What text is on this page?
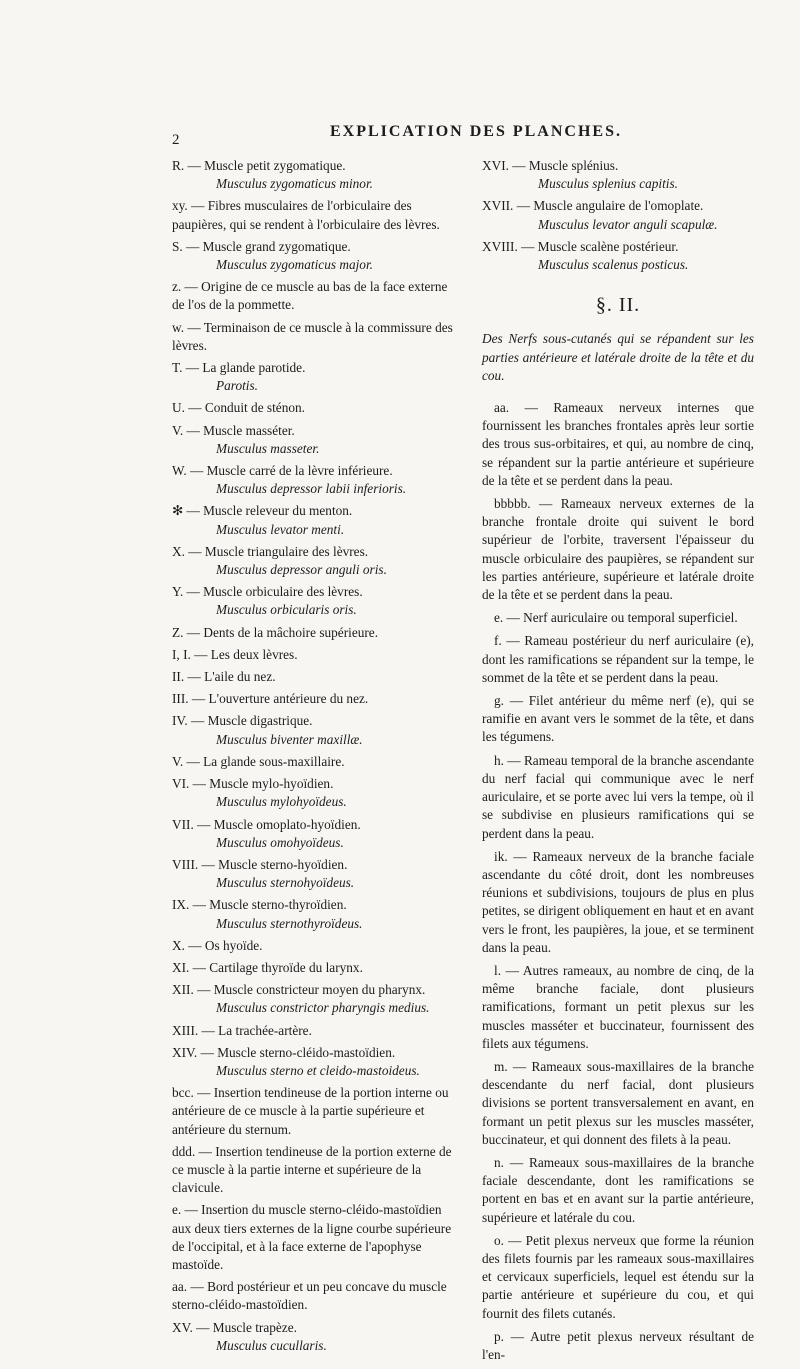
2	EXPLICATION DES PLANCHES.
R. — Muscle petit zygomatique.
Musculus zygomaticus minor.
xy. — Fibres musculaires de l'orbiculaire des paupières, qui se rendent à l'orbiculaire des lèvres.
S. — Muscle grand zygomatique.
Musculus zygomaticus major.
z. — Origine de ce muscle au bas de la face externe de l'os de la pommette.
w. — Terminaison de ce muscle à la commissure des lèvres.
T. — La glande parotide.
Parotis.
U. — Conduit de sténon.
V. — Muscle masséter.
Musculus masseter.
W. — Muscle carré de la lèvre inférieure.
Musculus depressor labii inferioris.
✻ — Muscle releveur du menton.
Musculus levator menti.
X. — Muscle triangulaire des lèvres.
Musculus depressor anguli oris.
Y. — Muscle orbiculaire des lèvres.
Musculus orbicularis oris.
Z. — Dents de la mâchoire supérieure.
I, I. — Les deux lèvres.
II. — L'aile du nez.
III. — L'ouverture antérieure du nez.
IV. — Muscle digastrique.
Musculus biventer maxillæ.
V. — La glande sous-maxillaire.
VI. — Muscle mylo-hyoïdien.
Musculus mylohyoïdeus.
VII. — Muscle omoplato-hyoïdien.
Musculus omohyoïdeus.
VIII. — Muscle sterno-hyoïdien.
Musculus sternohyoïdeus.
IX. — Muscle sterno-thyroïdien.
Musculus sternothyroïdeus.
X. — Os hyoïde.
XI. — Cartilage thyroïde du larynx.
XII. — Muscle constricteur moyen du pharynx.
Musculus constrictor pharyngis medius.
XIII. — La trachée-artère.
XIV. — Muscle sterno-cléido-mastoïdien.
Musculus sterno et cleido-mastoideus.
bcc. — Insertion tendineuse de la portion interne ou antérieure de ce muscle à la partie supérieure et antérieure du sternum.
ddd. — Insertion tendineuse de la portion externe de ce muscle à la partie interne et supérieure de la clavicule.
e. — Insertion du muscle sterno-cléido-mastoïdien aux deux tiers externes de la ligne courbe supérieure de l'occipital, et à la face externe de l'apophyse mastoïde.
aa. — Bord postérieur et un peu concave du muscle sterno-cléido-mastoïdien.
XV. — Muscle trapèze.
Musculus cucullaris.
XVI. — Muscle splénius.
Musculus splenius capitis.
XVII. — Muscle angulaire de l'omoplate.
Musculus levator anguli scapulæ.
XVIII. — Muscle scalène postérieur.
Musculus scalenus posticus.
§. II.
Des Nerfs sous-cutanés qui se répandent sur les parties antérieure et latérale droite de la tête et du cou.
aa. — Rameaux nerveux internes que fournissent les branches frontales après leur sortie des trous sus-orbitaires, et qui, au nombre de cinq, se répandent sur la partie antérieure et supérieure de la tête et se perdent dans la peau.
bbbbb. — Rameaux nerveux externes de la branche frontale droite qui suivent le bord supérieur de l'orbite, traversent l'épaisseur du muscle orbiculaire des paupières, se répandent sur les parties antérieure, supérieure et latérale droite de la tête et se perdent dans la peau.
e. — Nerf auriculaire ou temporal superficiel.
f. — Rameau postérieur du nerf auriculaire (e), dont les ramifications se répandent sur la tempe, le sommet de la tête et se perdent dans la peau.
g. — Filet antérieur du même nerf (e), qui se ramifie en avant vers le sommet de la tête, et dans les tégumens.
h. — Rameau temporal de la branche ascendante du nerf facial qui communique avec le nerf auriculaire, et se porte avec lui vers la tempe, où il se subdivise en plusieurs ramifications qui se perdent dans la peau.
ik. — Rameaux nerveux de la branche faciale ascendante du côté droit, dont les nombreuses réunions et subdivisions, toujours de plus en plus petites, se dirigent obliquement en haut et en avant vers le front, les paupières, la joue, et se terminent dans la peau.
l. — Autres rameaux, au nombre de cinq, de la même branche faciale, dont plusieurs ramifications, formant un petit plexus sur les muscles masséter et buccinateur, fournissent des filets aux tégumens.
m. — Rameaux sous-maxillaires de la branche descendante du nerf facial, dont plusieurs divisions se portent transversalement en avant, en formant un petit plexus sur les muscles masséter, buccinateur, et qui donnent des filets à la peau.
n. — Rameaux sous-maxillaires de la branche faciale descendante, dont les ramifications se portent en bas et en avant sur la partie antérieure, supérieure et latérale du cou.
o. — Petit plexus nerveux que forme la réunion des filets fournis par les rameaux sous-maxillaires et cervicaux superficiels, lequel est étendu sur la partie antérieure et supérieure du cou, et qui fournit des filets cutanés.
p. — Autre petit plexus nerveux résultant de l'en-
